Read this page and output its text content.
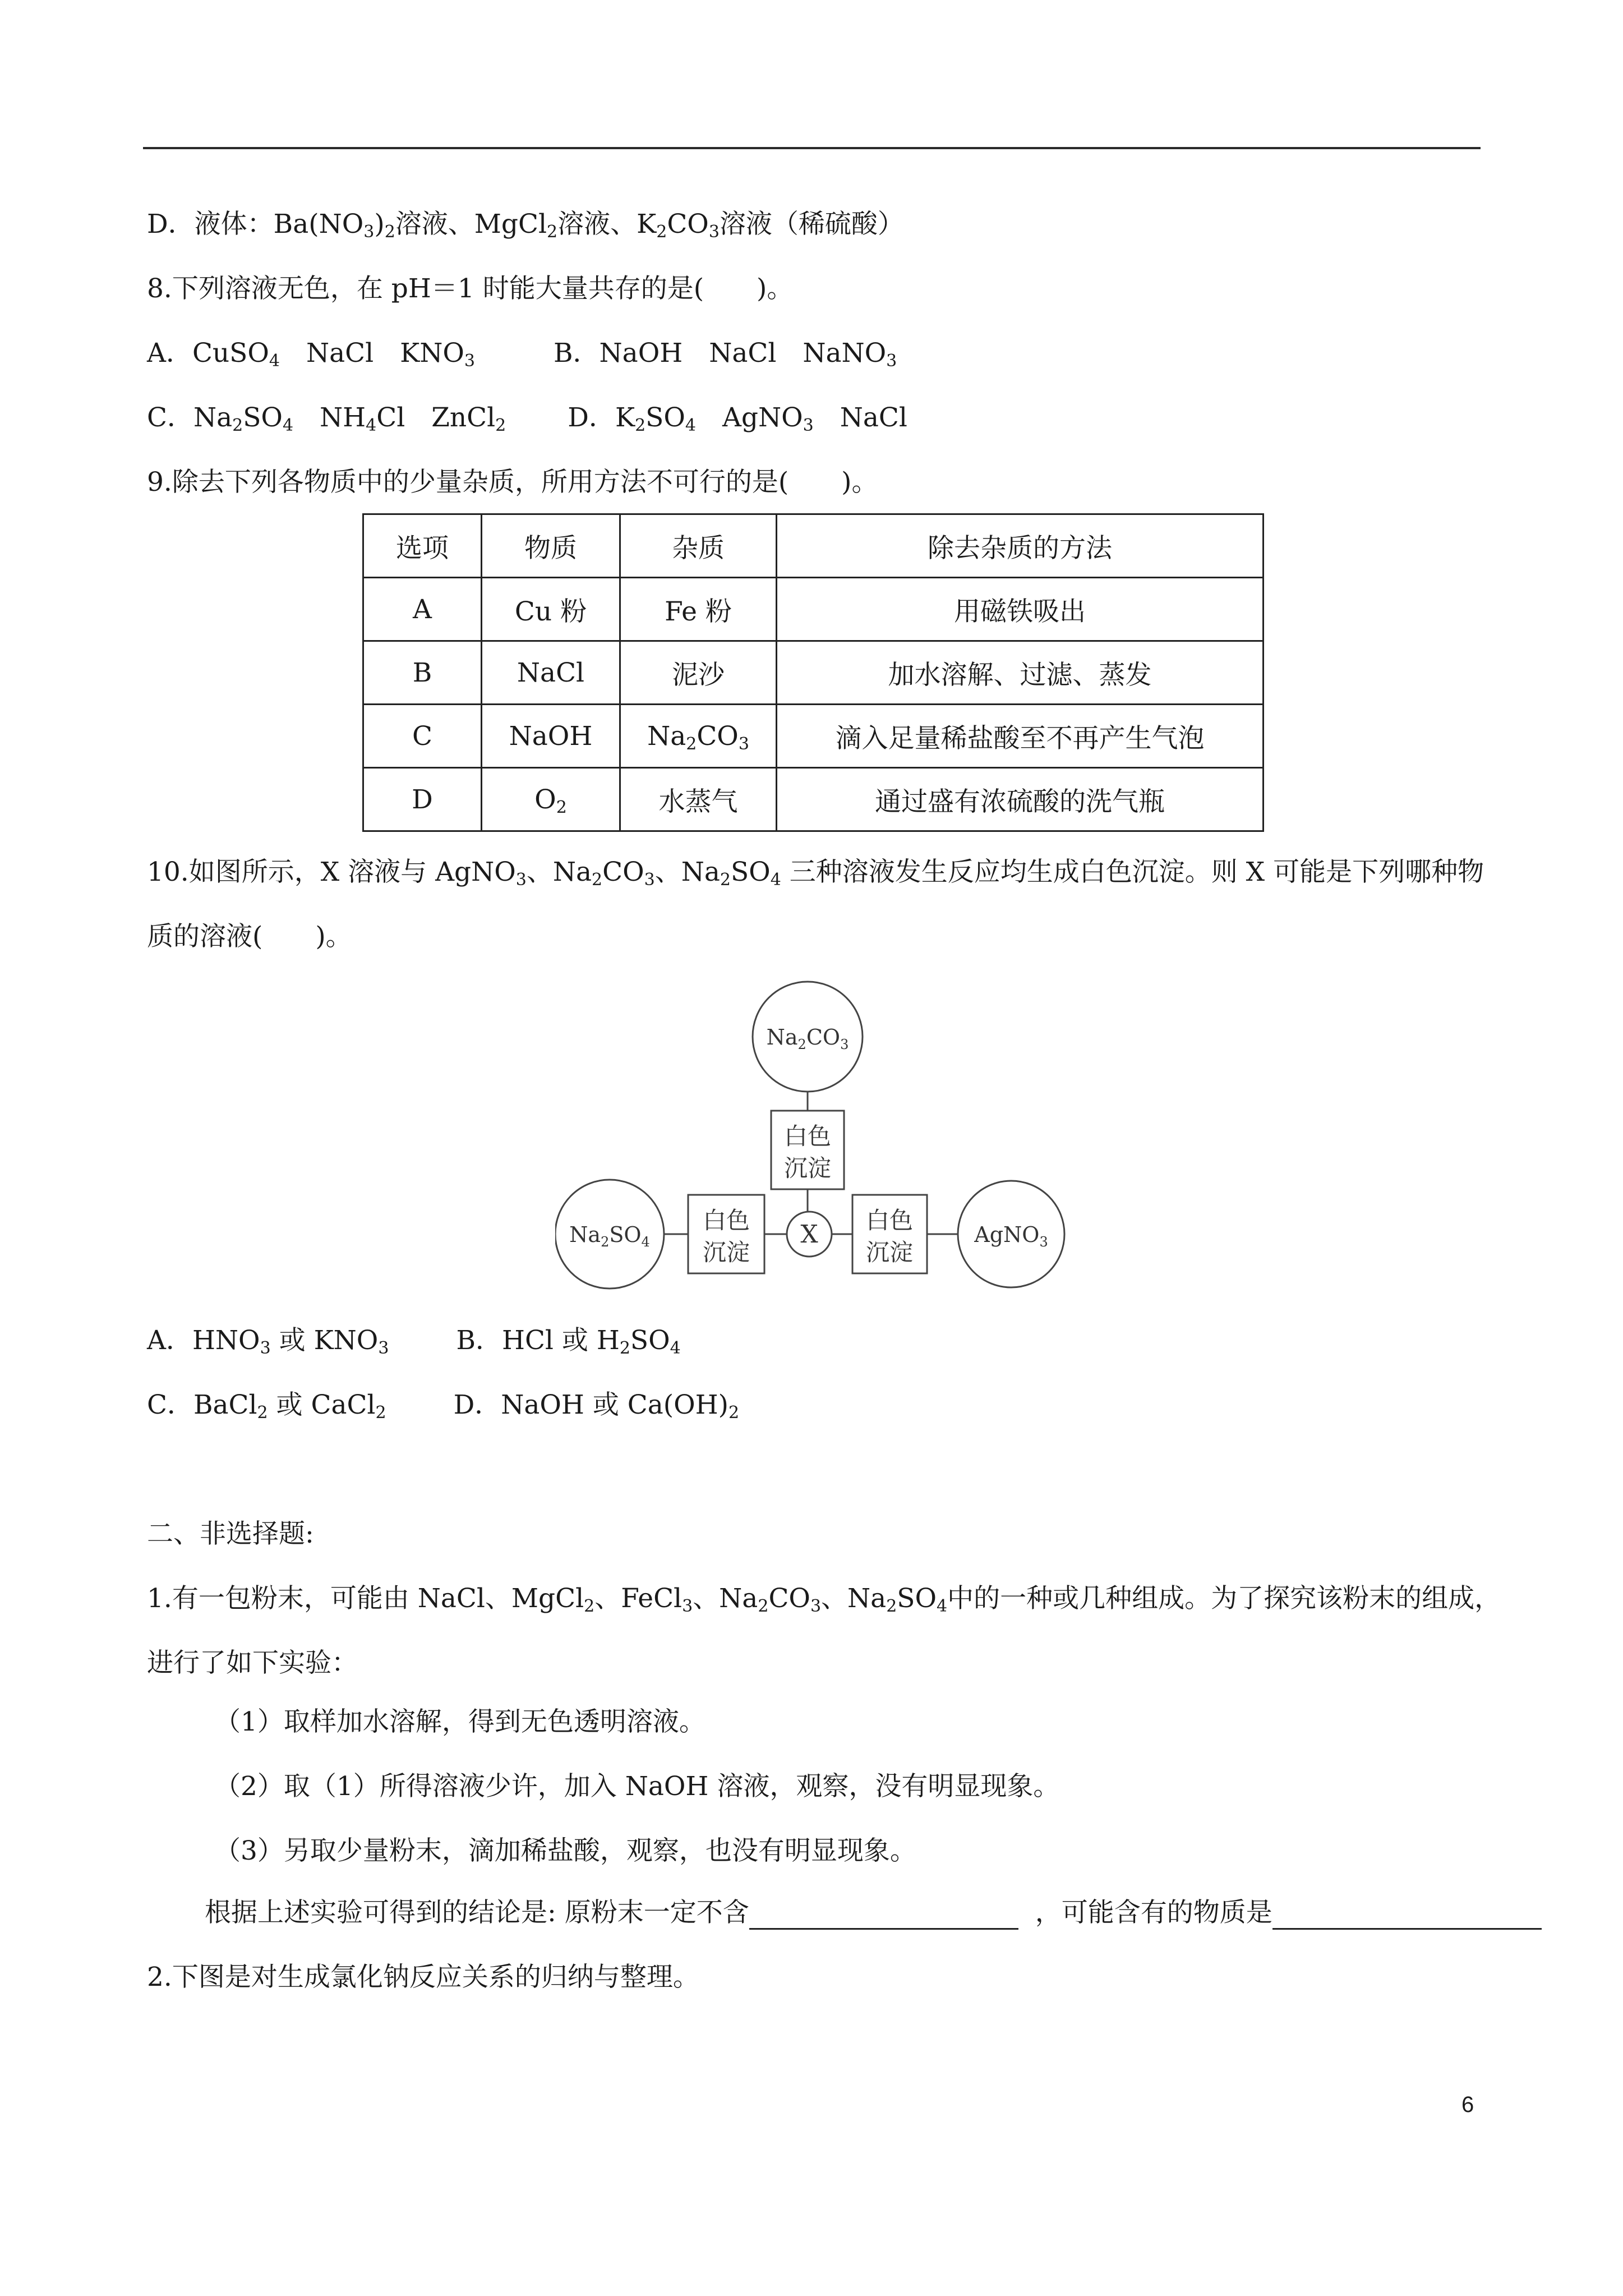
D．液体：$Ba(NO_3)_2$溶液、MgCl$_2$溶液、$K_2CO_3$溶液（稀硫酸）
8.下列溶液无色，在 pH＝1 时能大量共存的是(　　)。
A．CuSO$_4$　NaCl　$KNO_3$	B．NaOH　NaCl　NaNO$_3$
C．$Na_2SO_4$　$NH_4Cl$　ZnCl$_2$ D．$K_2SO_4$　AgNO$_3$　NaCl
9.除去下列各物质中的少量杂质，所用方法不可行的是(　　)。
选项	物质	杂质	除去杂质的方法
A	Cu 粉	Fe 粉	用磁铁吸出
B	NaCl	泥沙	加水溶解、过滤、蒸发
C	NaOH	$Na_2CO_3$	滴入足量稀盐酸至不再产生气泡
D	$O_2$	水蒸气	通过盛有浓硫酸的洗气瓶
10.如图所示，X 溶液与 AgNO$_3$、$Na_2CO_3$、$Na_2SO_4$ 三种溶液发生反应均生成白色沉淀。则 X 可能是下列哪种物
质的溶液(　　)。
$Na_2CO_3$
$Na_2SO_4$	AgNO$_3$
X
白色
沉淀
白色
沉淀
白色
沉淀
A．$HNO_3$ 或 $KNO_3$	B．HCl 或 $H_2SO_4$
C．BaCl$_2$ 或 CaCl$_2$	D．NaOH 或 $Ca(OH)_2$
二、非选择题:
1.有一包粉末，可能由 NaCl、MgCl$_2$、FeCl$_3$、$Na_2CO_3$、$Na_2SO_4$中的一种或几种组成。为了探究该粉末的组成，
进行了如下实验：
（1）取样加水溶解，得到无色透明溶液。
（2）取（1）所得溶液少许，加入 NaOH 溶液，观察，没有明显现象。
（3）另取少量粉末，滴加稀盐酸，观察，也没有明显现象。
根据上述实验可得到的结论是: 原粉末一定不含	，可能含有的物质是
2.下图是对生成氯化钠反应关系的归纳与整理。
6
